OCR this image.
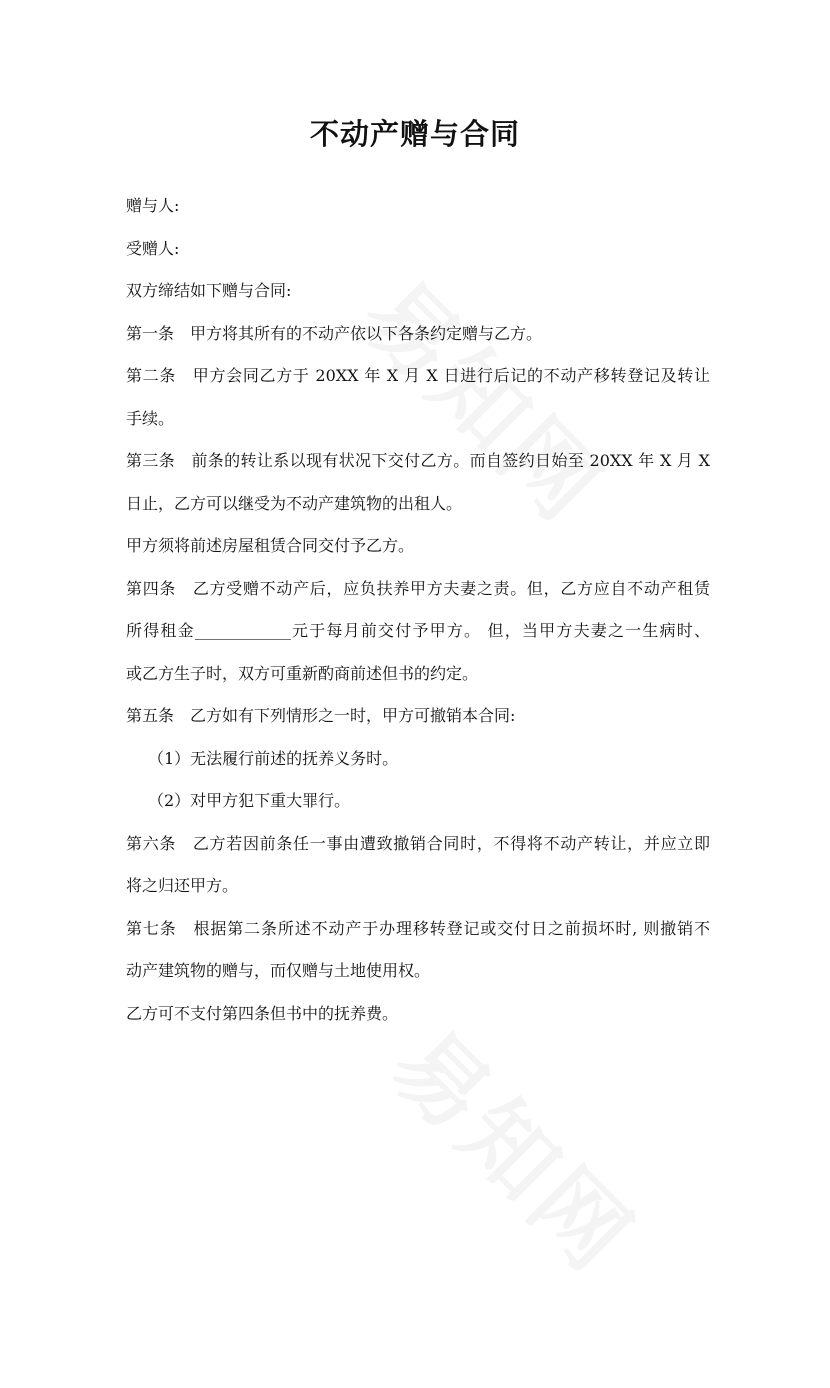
不动产赠与合同
赠与人:
受赠人:
双方缔结如下赠与合同:
第一条　甲方将其所有的不动产依以下各条约定赠与乙方。
第二条　甲方会同乙方于 20XX 年 X 月 X 日进行后记的不动产移转登记及转让
手续。
第三条　前条的转让系以现有状况下交付乙方。而自签约日始至 20XX 年 X 月 X
日止，乙方可以继受为不动产建筑物的出租人。
甲方须将前述房屋租赁合同交付予乙方。
第四条　乙方受赠不动产后，应负扶养甲方夫妻之责。但，乙方应自不动产租赁
所得租金____________元于每月前交付予甲方。 但，当甲方夫妻之一生病时、
或乙方生子时，双方可重新酌商前述但书的约定。
第五条　乙方如有下列情形之一时，甲方可撤销本合同:
（1）无法履行前述的抚养义务时。
（2）对甲方犯下重大罪行。
第六条　乙方若因前条任一事由遭致撤销合同时，不得将不动产转让，并应立即
将之归还甲方。
第七条　根据第二条所述不动产于办理移转登记或交付日之前损坏时, 则撤销不
动产建筑物的赠与，而仅赠与土地使用权。
乙方可不支付第四条但书中的抚养费。
